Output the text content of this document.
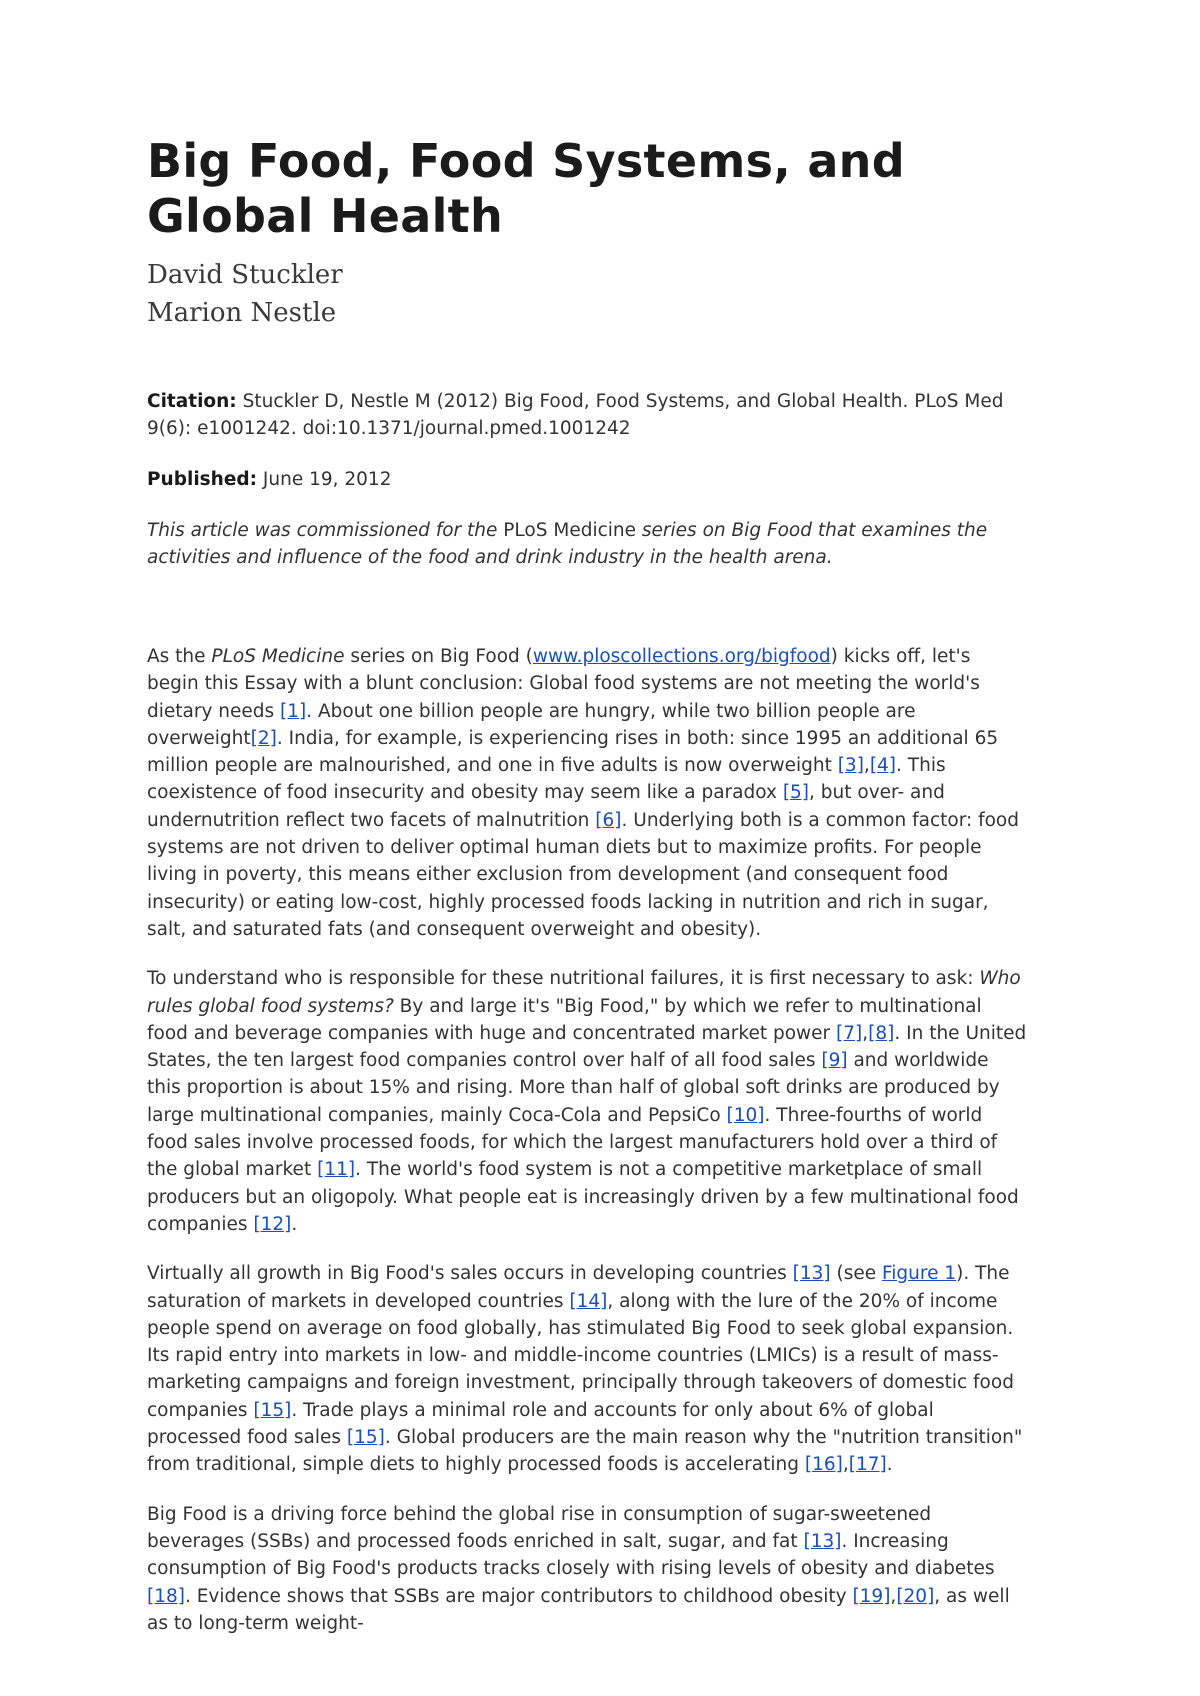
Big Food, Food Systems, and Global Health
David Stuckler
Marion Nestle

Citation: Stuckler D, Nestle M (2012) Big Food, Food Systems, and Global Health. PLoS Med 9(6): e1001242. doi:10.1371/journal.pmed.1001242

Published: June 19, 2012

This article was commissioned for the PLoS Medicine series on Big Food that examines the activities and influence of the food and drink industry in the health arena.

As the PLoS Medicine series on Big Food (www.ploscollections.org/bigfood) kicks off, let's begin this Essay with a blunt conclusion: Global food systems are not meeting the world's dietary needs [1]. About one billion people are hungry, while two billion people are overweight[2]. India, for example, is experiencing rises in both: since 1995 an additional 65 million people are malnourished, and one in five adults is now overweight [3],[4]. This coexistence of food insecurity and obesity may seem like a paradox [5], but over- and undernutrition reflect two facets of malnutrition [6]. Underlying both is a common factor: food systems are not driven to deliver optimal human diets but to maximize profits. For people living in poverty, this means either exclusion from development (and consequent food insecurity) or eating low-cost, highly processed foods lacking in nutrition and rich in sugar, salt, and saturated fats (and consequent overweight and obesity).

To understand who is responsible for these nutritional failures, it is first necessary to ask: Who rules global food systems? By and large it's "Big Food," by which we refer to multinational food and beverage companies with huge and concentrated market power [7],[8]. In the United States, the ten largest food companies control over half of all food sales [9] and worldwide this proportion is about 15% and rising. More than half of global soft drinks are produced by large multinational companies, mainly Coca-Cola and PepsiCo [10]. Three-fourths of world food sales involve processed foods, for which the largest manufacturers hold over a third of the global market [11]. The world's food system is not a competitive marketplace of small producers but an oligopoly. What people eat is increasingly driven by a few multinational food companies [12].

Virtually all growth in Big Food's sales occurs in developing countries [13] (see Figure 1). The saturation of markets in developed countries [14], along with the lure of the 20% of income people spend on average on food globally, has stimulated Big Food to seek global expansion. Its rapid entry into markets in low- and middle-income countries (LMICs) is a result of mass-marketing campaigns and foreign investment, principally through takeovers of domestic food companies [15]. Trade plays a minimal role and accounts for only about 6% of global processed food sales [15]. Global producers are the main reason why the "nutrition transition" from traditional, simple diets to highly processed foods is accelerating [16],[17].

Big Food is a driving force behind the global rise in consumption of sugar-sweetened beverages (SSBs) and processed foods enriched in salt, sugar, and fat [13]. Increasing consumption of Big Food's products tracks closely with rising levels of obesity and diabetes [18]. Evidence shows that SSBs are major contributors to childhood obesity [19],[20], as well as to long-term weight-
